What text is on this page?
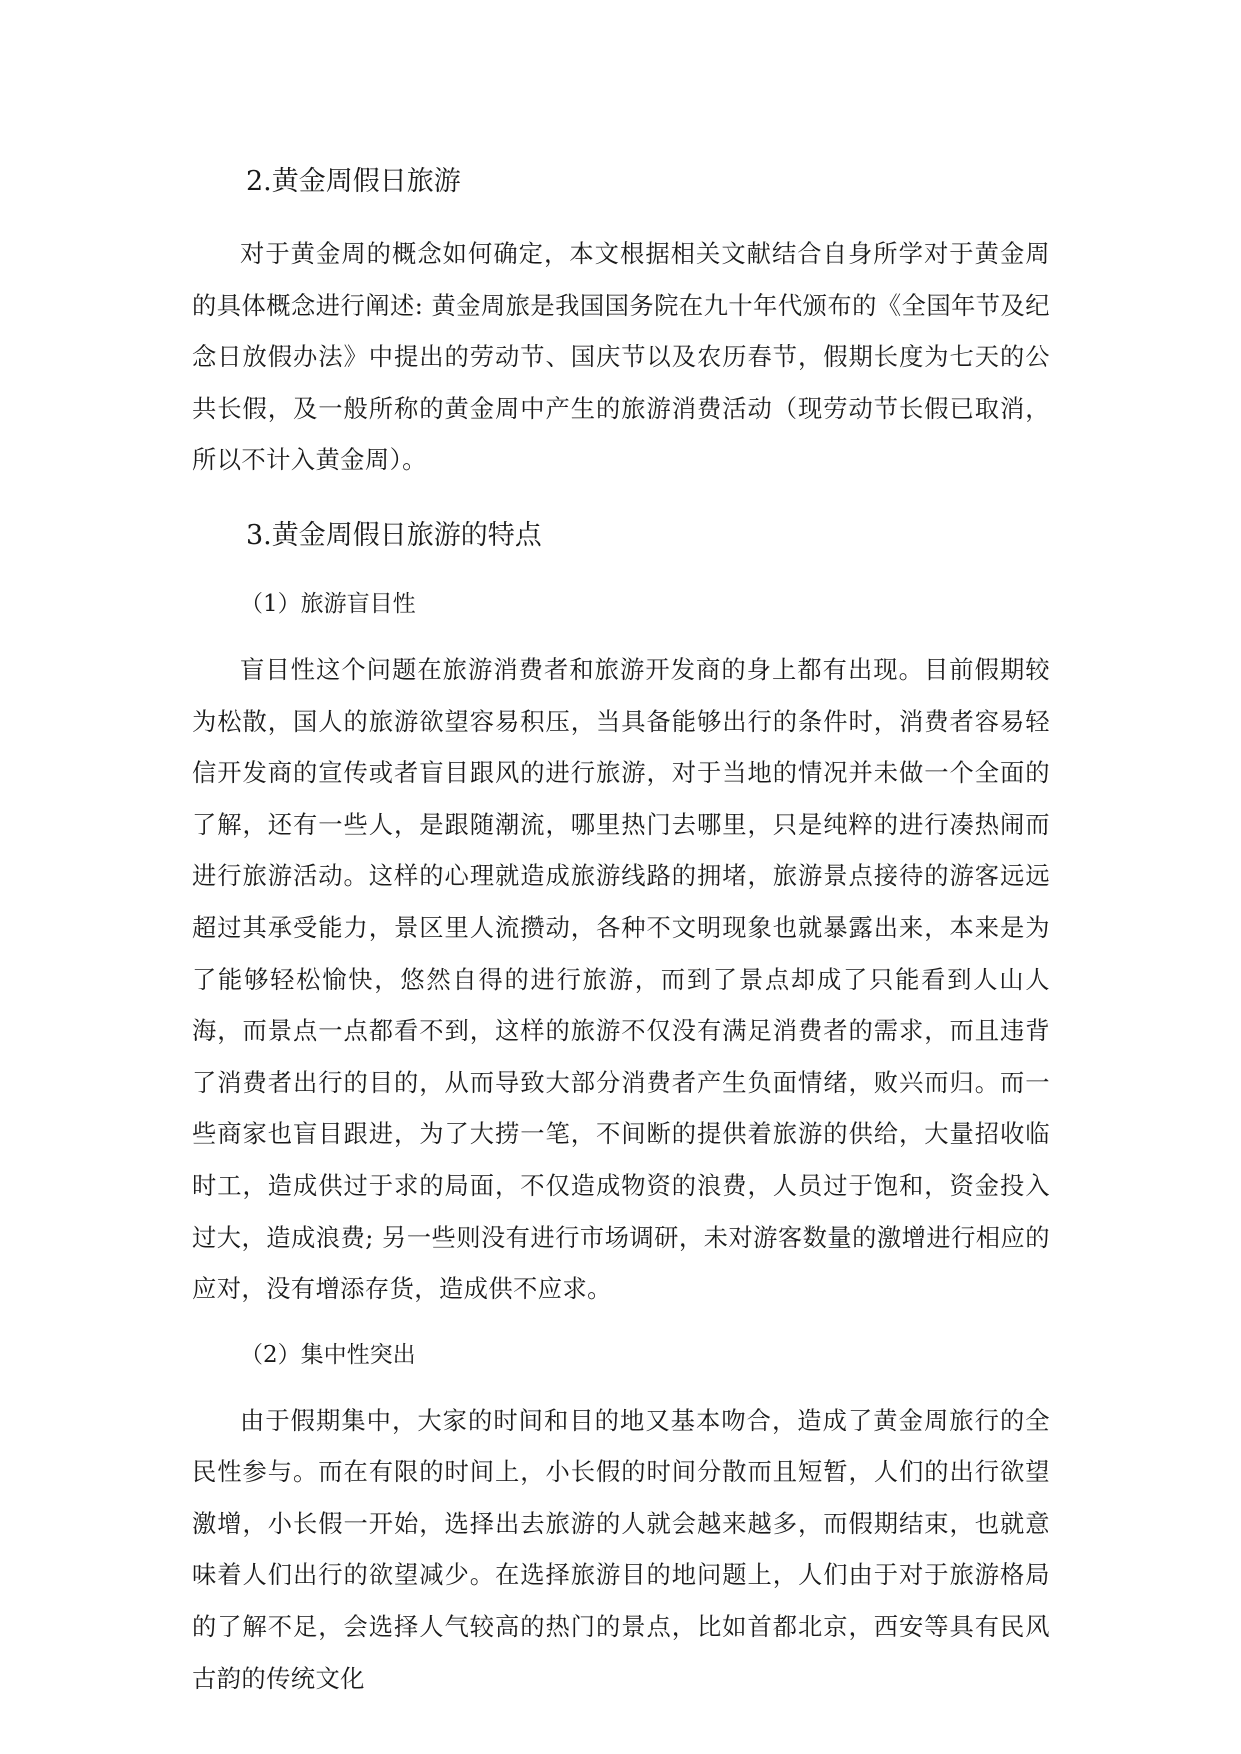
2.黄金周假日旅游

对于黄金周的概念如何确定，本文根据相关文献结合自身所学对于黄金周的具体概念进行阐述: 黄金周旅是我国国务院在九十年代颁布的《全国年节及纪念日放假办法》中提出的劳动节、国庆节以及农历春节，假期长度为七天的公共长假，及一般所称的黄金周中产生的旅游消费活动（现劳动节长假已取消，所以不计入黄金周）。

3.黄金周假日旅游的特点
（1）旅游盲目性

盲目性这个问题在旅游消费者和旅游开发商的身上都有出现。目前假期较为松散，国人的旅游欲望容易积压，当具备能够出行的条件时，消费者容易轻信开发商的宣传或者盲目跟风的进行旅游，对于当地的情况并未做一个全面的了解，还有一些人，是跟随潮流，哪里热门去哪里，只是纯粹的进行凑热闹而进行旅游活动。这样的心理就造成旅游线路的拥堵，旅游景点接待的游客远远超过其承受能力，景区里人流攒动，各种不文明现象也就暴露出来，本来是为了能够轻松愉快，悠然自得的进行旅游，而到了景点却成了只能看到人山人海，而景点一点都看不到，这样的旅游不仅没有满足消费者的需求，而且违背了消费者出行的目的，从而导致大部分消费者产生负面情绪，败兴而归。而一些商家也盲目跟进，为了大捞一笔，不间断的提供着旅游的供给，大量招收临时工，造成供过于求的局面，不仅造成物资的浪费，人员过于饱和，资金投入过大，造成浪费; 另一些则没有进行市场调研，未对游客数量的激增进行相应的应对，没有增添存货，造成供不应求。

（2）集中性突出

由于假期集中，大家的时间和目的地又基本吻合，造成了黄金周旅行的全民性参与。而在有限的时间上，小长假的时间分散而且短暂，人们的出行欲望激增，小长假一开始，选择出去旅游的人就会越来越多，而假期结束，也就意味着人们出行的欲望减少。在选择旅游目的地问题上，人们由于对于旅游格局的了解不足，会选择人气较高的热门的景点，比如首都北京，西安等具有民风古韵的传统文化
